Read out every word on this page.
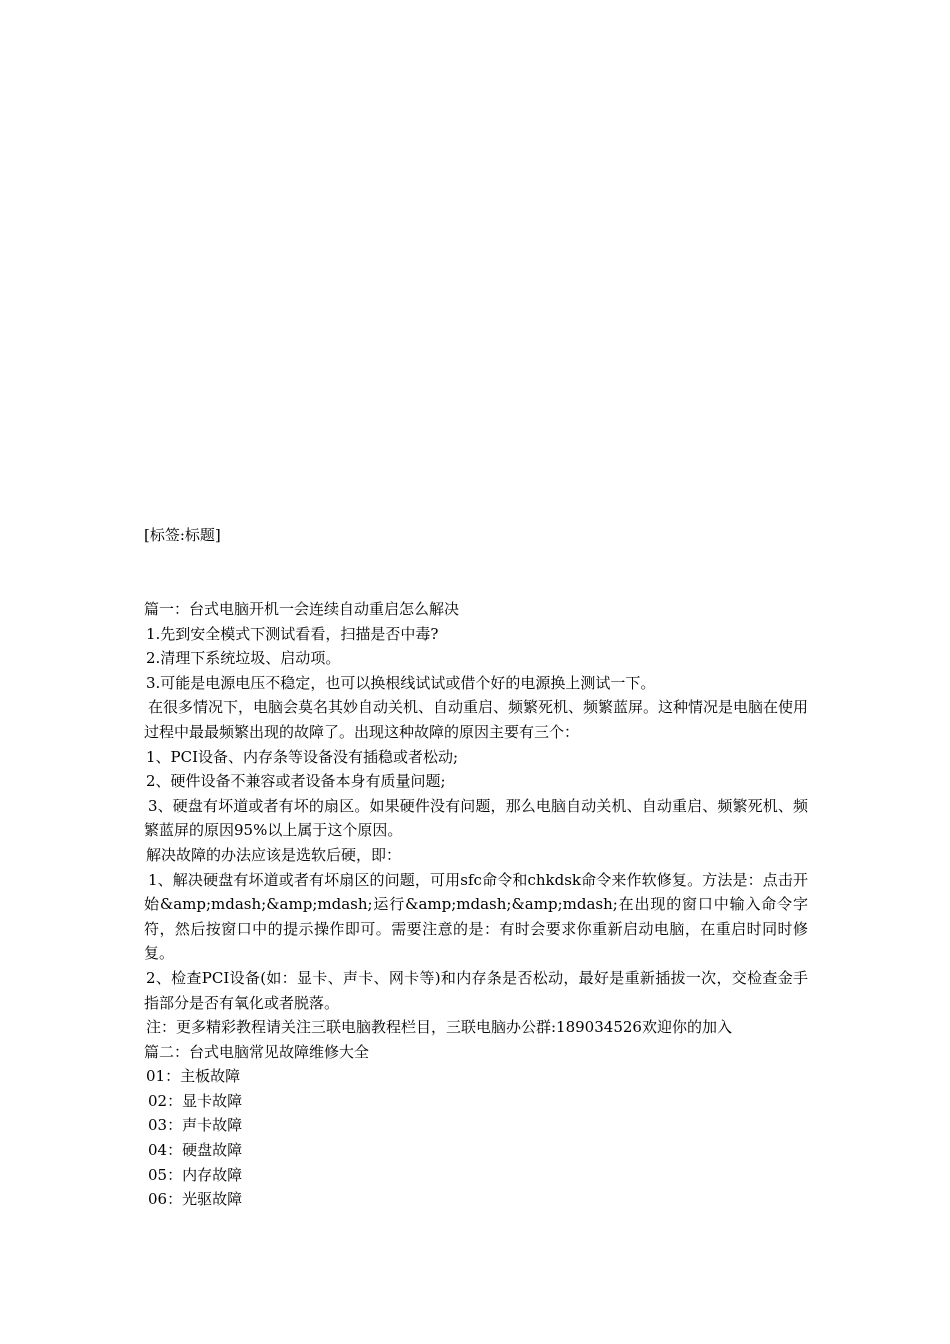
[标签:标题]
篇一：台式电脑开机一会连续自动重启怎么解决
1.先到安全模式下测试看看，扫描是否中毒?
2.清理下系统垃圾、启动项。
3.可能是电源电压不稳定，也可以换根线试试或借个好的电源换上测试一下。
在很多情况下，电脑会莫名其妙自动关机、自动重启、频繁死机、频繁蓝屏。这种情况是电脑在使用过程中最最频繁出现的故障了。出现这种故障的原因主要有三个：
1、PCI设备、内存条等设备没有插稳或者松动;
2、硬件设备不兼容或者设备本身有质量问题;
3、硬盘有坏道或者有坏的扇区。如果硬件没有问题，那么电脑自动关机、自动重启、频繁死机、频繁蓝屏的原因95%以上属于这个原因。
解决故障的办法应该是选软后硬，即：
1、解决硬盘有坏道或者有坏扇区的问题，可用sfc命令和chkdsk命令来作软修复。方法是：点击开始&amp;mdash;&amp;mdash;运行&amp;mdash;&amp;mdash;在出现的窗口中输入命令字符，然后按窗口中的提示操作即可。需要注意的是：有时会要求你重新启动电脑，在重启时同时修复。
2、检查PCI设备(如：显卡、声卡、网卡等)和内存条是否松动，最好是重新插拔一次，交检查金手指部分是否有氧化或者脱落。
注：更多精彩教程请关注三联电脑教程栏目，三联电脑办公群:189034526欢迎你的加入
篇二：台式电脑常见故障维修大全
01：主板故障
02：显卡故障
03：声卡故障
04：硬盘故障
05：内存故障
06：光驱故障
